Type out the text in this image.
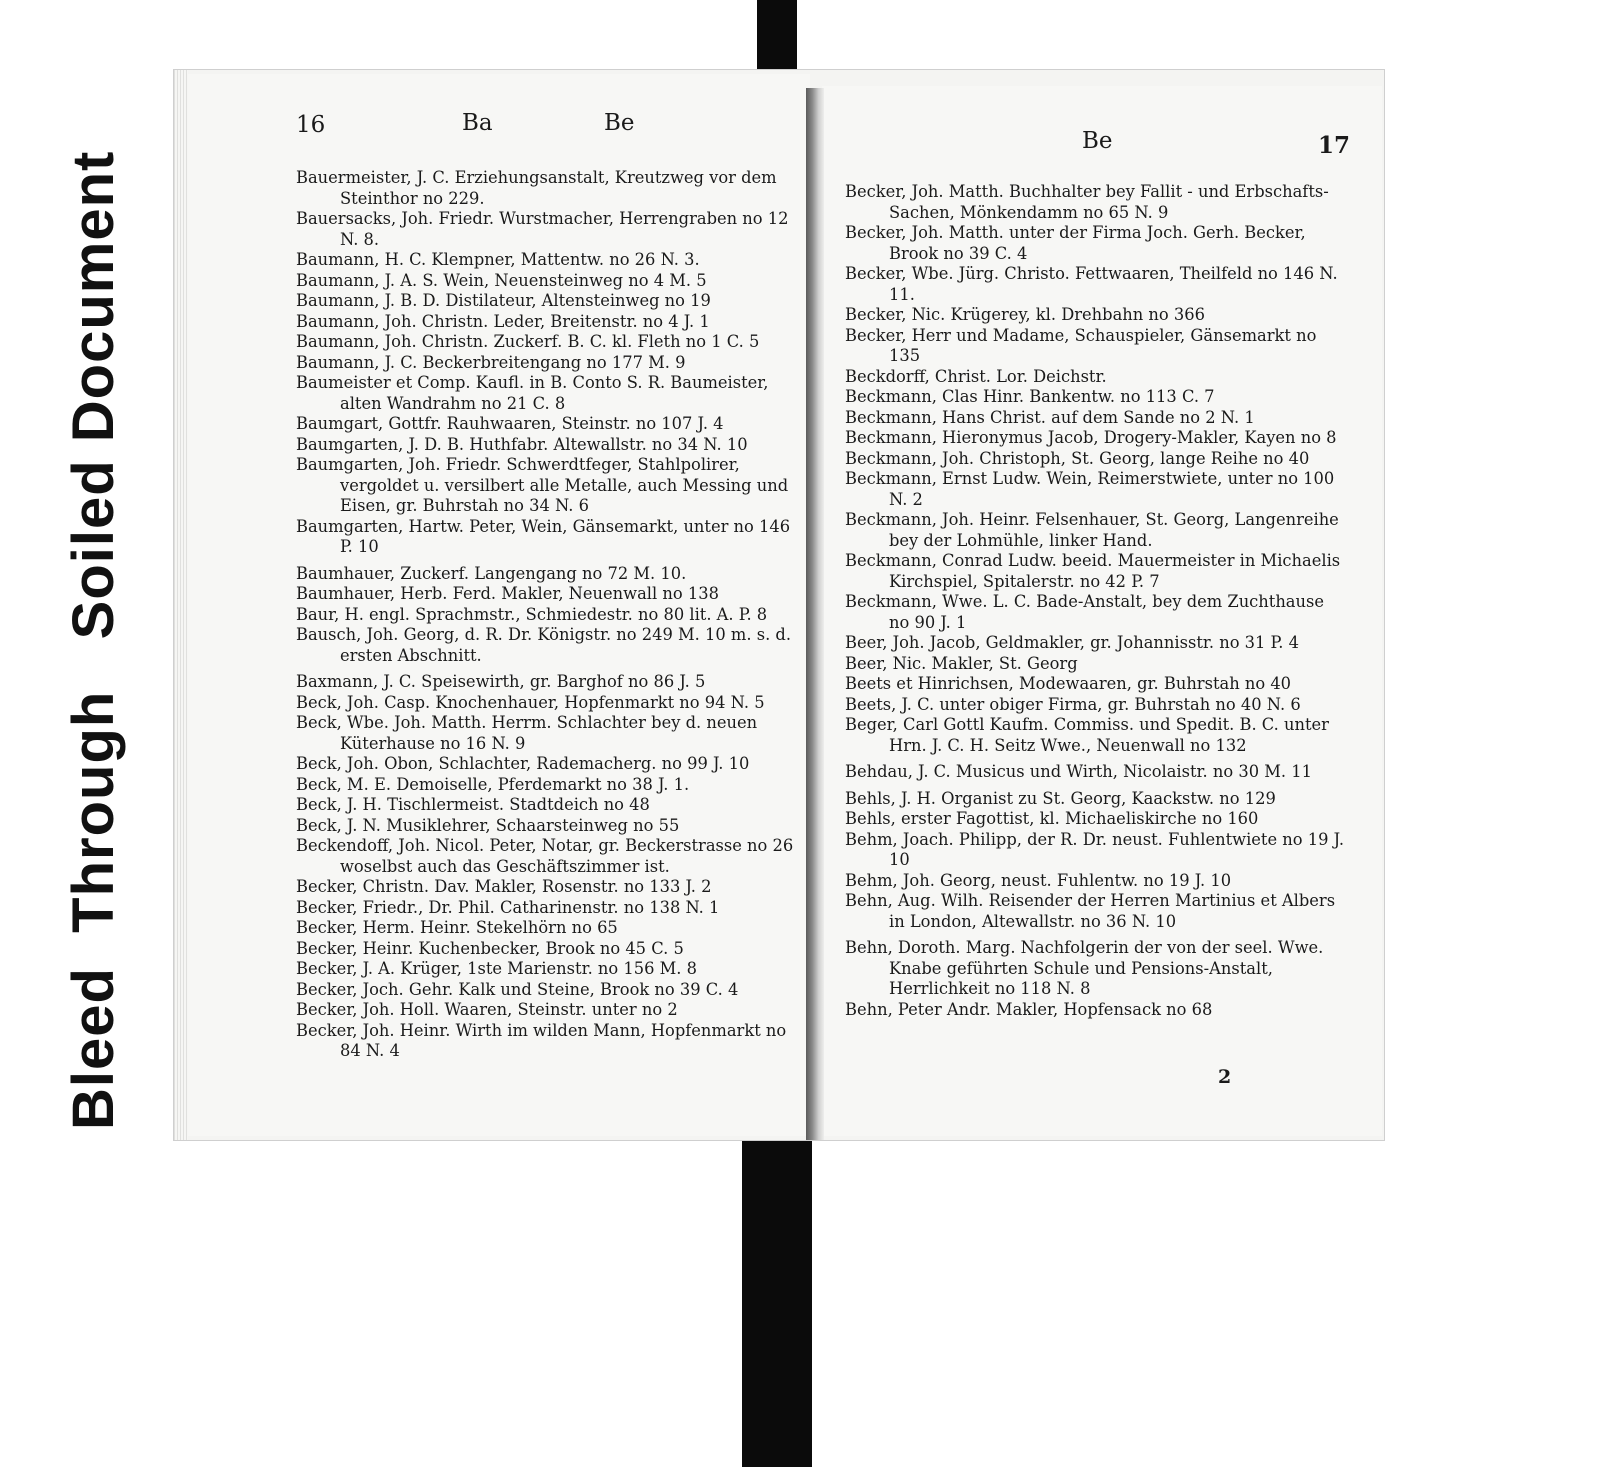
Bleed  Through   Soiled Document
16	Ba	Be
Be	17

Bauermeister, J. C. Erziehungsanstalt, Kreutzweg vor dem Steinthor no 229.

Bauersacks, Joh. Friedr. Wurstmacher, Herrengraben no 12 N. 8.

Baumann, H. C. Klempner, Mattentw. no 26 N. 3.

Baumann, J. A. S. Wein, Neuensteinweg no 4 M. 5

Baumann, J. B. D. Distilateur, Altensteinweg no 19

Baumann, Joh. Christn. Leder, Breitenstr. no 4 J. 1

Baumann, Joh. Christn. Zuckerf. B. C. kl. Fleth no 1 C. 5

Baumann, J. C. Beckerbreitengang no 177 M. 9

Baumeister et Comp. Kaufl. in B. Conto S. R. Baumeister, alten Wandrahm no 21 C. 8

Baumgart, Gottfr. Rauhwaaren, Steinstr. no 107 J. 4

Baumgarten, J. D. B. Huthfabr. Altewallstr. no 34 N. 10

Baumgarten, Joh. Friedr. Schwerdtfeger, Stahlpolirer, vergoldet u. versilbert alle Metalle, auch Messing und Eisen, gr. Buhrstah no 34 N. 6

Baumgarten, Hartw. Peter, Wein, Gänsemarkt, unter no 146 P. 10

Baumhauer, Zuckerf. Langengang no 72 M. 10.

Baumhauer, Herb. Ferd. Makler, Neuenwall no 138

Baur, H. engl. Sprachmstr., Schmiedestr. no 80 lit. A. P. 8

Bausch, Joh. Georg, d. R. Dr. Königstr. no 249 M. 10 m. s. d. ersten Abschnitt.

Baxmann, J. C. Speisewirth, gr. Barghof no 86 J. 5

Beck, Joh. Casp. Knochenhauer, Hopfenmarkt no 94 N. 5

Beck, Wbe. Joh. Matth. Herrm. Schlachter bey d. neuen Küterhause no 16 N. 9

Beck, Joh. Obon, Schlachter, Rademacherg. no 99 J. 10

Beck, M. E. Demoiselle, Pferdemarkt no 38 J. 1.

Beck, J. H. Tischlermeist. Stadtdeich no 48

Beck, J. N. Musiklehrer, Schaarsteinweg no 55

Beckendoff, Joh. Nicol. Peter, Notar, gr. Beckerstrasse no 26 woselbst auch das Geschäftszimmer ist.

Becker, Christn. Dav. Makler, Rosenstr. no 133 J. 2

Becker, Friedr., Dr. Phil. Catharinenstr. no 138 N. 1

Becker, Herm. Heinr. Stekelhörn no 65

Becker, Heinr. Kuchenbecker, Brook no 45 C. 5

Becker, J. A. Krüger, 1ste Marienstr. no 156 M. 8

Becker, Joch. Gehr. Kalk und Steine, Brook no 39 C. 4

Becker, Joh. Holl. Waaren, Steinstr. unter no 2

Becker, Joh. Heinr. Wirth im wilden Mann, Hopfenmarkt no 84 N. 4

Becker, Joh. Matth. Buchhalter bey Fallit - und Erbschafts-Sachen, Mönkendamm no 65 N. 9

Becker, Joh. Matth. unter der Firma Joch. Gerh. Becker, Brook no 39 C. 4

Becker, Wbe. Jürg. Christo. Fettwaaren, Theilfeld no 146 N. 11.

Becker, Nic. Krügerey, kl. Drehbahn no 366

Becker, Herr und Madame, Schauspieler, Gänsemarkt no 135

Beckdorff, Christ. Lor. Deichstr.

Beckmann, Clas Hinr. Bankentw. no 113 C. 7

Beckmann, Hans Christ. auf dem Sande no 2 N. 1

Beckmann, Hieronymus Jacob, Drogery-Makler, Kayen no 8

Beckmann, Joh. Christoph, St. Georg, lange Reihe no 40

Beckmann, Ernst Ludw. Wein, Reimerstwiete, unter no 100 N. 2

Beckmann, Joh. Heinr. Felsenhauer, St. Georg, Langenreihe bey der Lohmühle, linker Hand.

Beckmann, Conrad Ludw. beeid. Mauermeister in Michaelis Kirchspiel, Spitalerstr. no 42 P. 7

Beckmann, Wwe. L. C. Bade-Anstalt, bey dem Zuchthause no 90 J. 1

Beer, Joh. Jacob, Geldmakler, gr. Johannisstr. no 31 P. 4

Beer, Nic. Makler, St. Georg

Beets et Hinrichsen, Modewaaren, gr. Buhrstah no 40

Beets, J. C. unter obiger Firma, gr. Buhrstah no 40 N. 6

Beger, Carl Gottl Kaufm. Commiss. und Spedit. B. C. unter Hrn. J. C. H. Seitz Wwe., Neuenwall no 132

Behdau, J. C. Musicus und Wirth, Nicolaistr. no 30 M. 11

Behls, J. H. Organist zu St. Georg, Kaackstw. no 129

Behls, erster Fagottist, kl. Michaeliskirche no 160

Behm, Joach. Philipp, der R. Dr. neust. Fuhlentwiete no 19 J. 10

Behm, Joh. Georg, neust. Fuhlentw. no 19 J. 10

Behn, Aug. Wilh. Reisender der Herren Martinius et Albers in London, Altewallstr. no 36 N. 10

Behn, Doroth. Marg. Nachfolgerin der von der seel. Wwe. Knabe geführten Schule und Pensions-Anstalt, Herrlichkeit no 118 N. 8

Behn, Peter Andr. Makler, Hopfensack no 68

2
